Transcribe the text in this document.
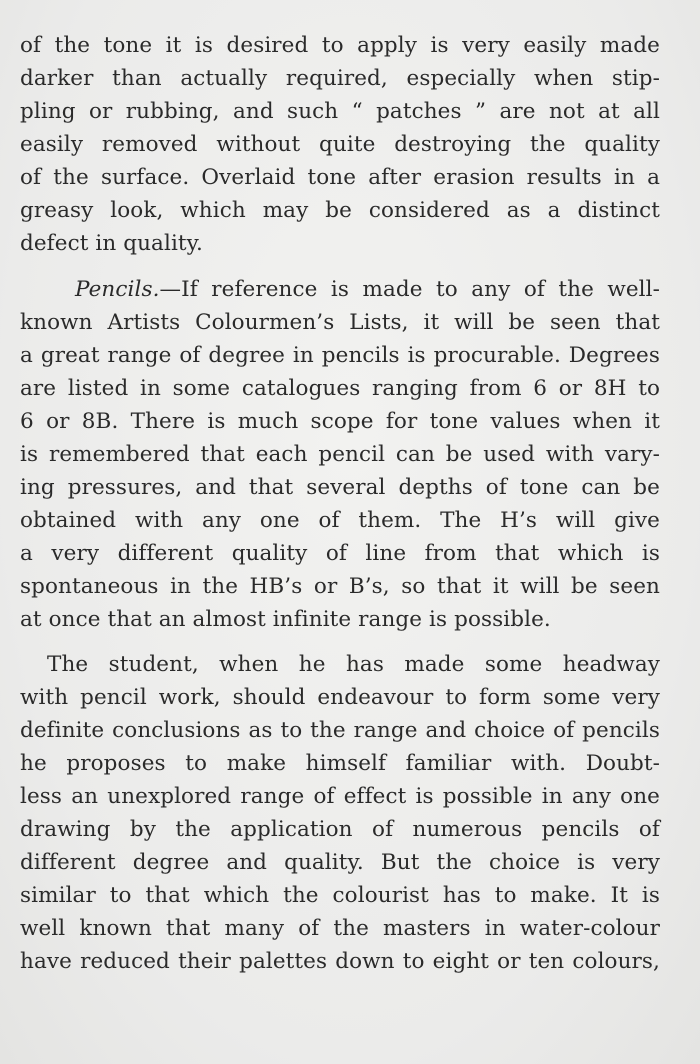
of the tone it is desired to apply is very easily made
darker than actually required, especially when stip-
pling or rubbing, and such “ patches ” are not at all
easily removed without quite destroying the quality
of the surface. Overlaid tone after erasion results in a
greasy look, which may be considered as a distinct
defect in quality.
Pencils.—If reference is made to any of the well-
known Artists Colourmen’s Lists, it will be seen that
a great range of degree in pencils is procurable. Degrees
are listed in some catalogues ranging from 6 or 8H to
6 or 8B. There is much scope for tone values when it
is remembered that each pencil can be used with vary-
ing pressures, and that several depths of tone can be
obtained with any one of them. The H’s will give
a very different quality of line from that which is
spontaneous in the HB’s or B’s, so that it will be seen
at once that an almost infinite range is possible.
The student, when he has made some headway
with pencil work, should endeavour to form some very
definite conclusions as to the range and choice of pencils
he proposes to make himself familiar with. Doubt-
less an unexplored range of effect is possible in any one
drawing by the application of numerous pencils of
different degree and quality. But the choice is very
similar to that which the colourist has to make. It is
well known that many of the masters in water-colour
have reduced their palettes down to eight or ten colours,
